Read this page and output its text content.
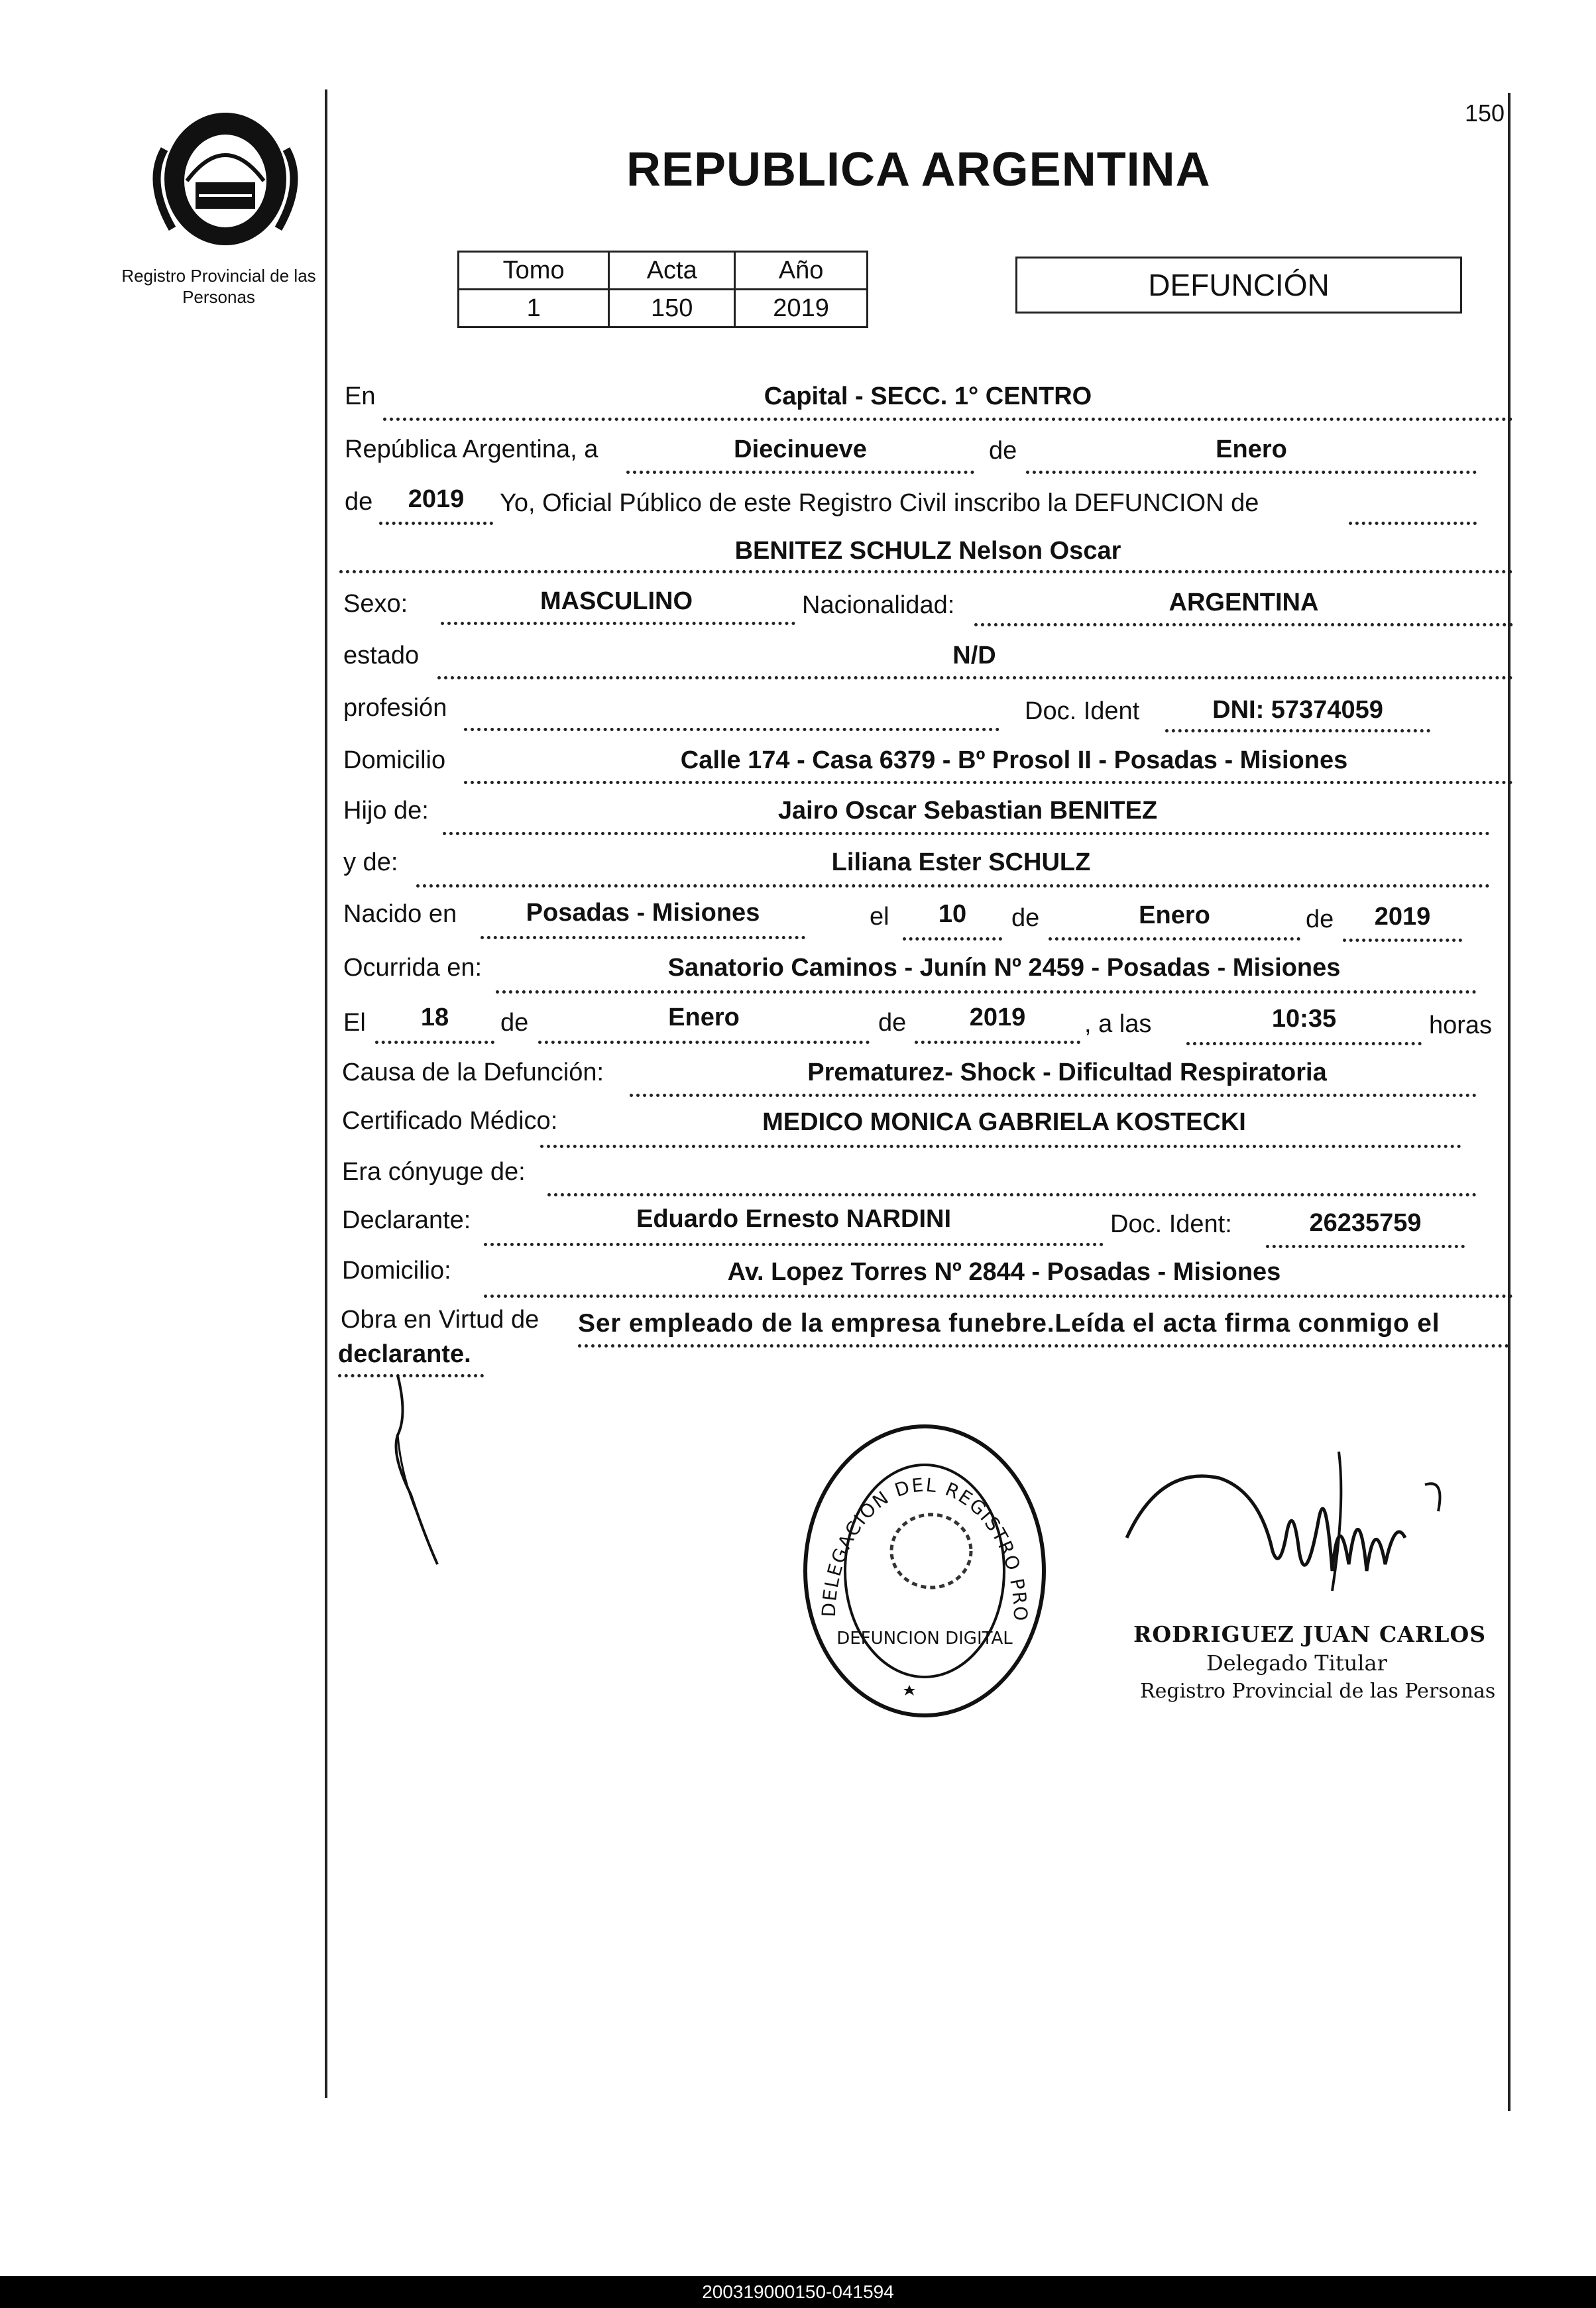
150
Registro Provincial de las Personas
REPUBLICA ARGENTINA
Tomo	Acta	Año
1	150	2019
DEFUNCIÓN
En	Capital - SECC. 1° CENTRO
República Argentina, a	Diecinueve	de	Enero
de	2019	Yo, Oficial Público de este Registro Civil inscribo la DEFUNCION de
BENITEZ SCHULZ Nelson Oscar
Sexo:	MASCULINO	Nacionalidad:	ARGENTINA
estado	N/D
profesión	Doc. Ident	DNI: 57374059
Domicilio	Calle 174 - Casa 6379 - Bº Prosol II - Posadas - Misiones
Hijo de:	Jairo Oscar Sebastian BENITEZ
y de:	Liliana Ester SCHULZ
Nacido en	Posadas - Misiones	el	10	de	Enero	de	2019
Ocurrida en:	Sanatorio Caminos - Junín Nº 2459 - Posadas - Misiones
El	18	de	Enero	de	2019	, a las	10:35	horas
Causa de la Defunción:	Prematurez- Shock - Dificultad Respiratoria
Certificado Médico:	MEDICO MONICA GABRIELA KOSTECKI
Era cónyuge de:
Declarante:	Eduardo Ernesto NARDINI	Doc. Ident:	26235759
Domicilio:	Av. Lopez Torres Nº 2844 - Posadas - Misiones
Obra en Virtud de Ser empleado de la empresa funebre.Leída el acta firma conmigo el
declarante.
DELEGACION DEL REGISTRO PRO
DEFUNCION DIGITAL	RODRIGUEZ JUAN CARLOS
Delegado Titular
Registro Provincial de las Personas
200319000150-041594
